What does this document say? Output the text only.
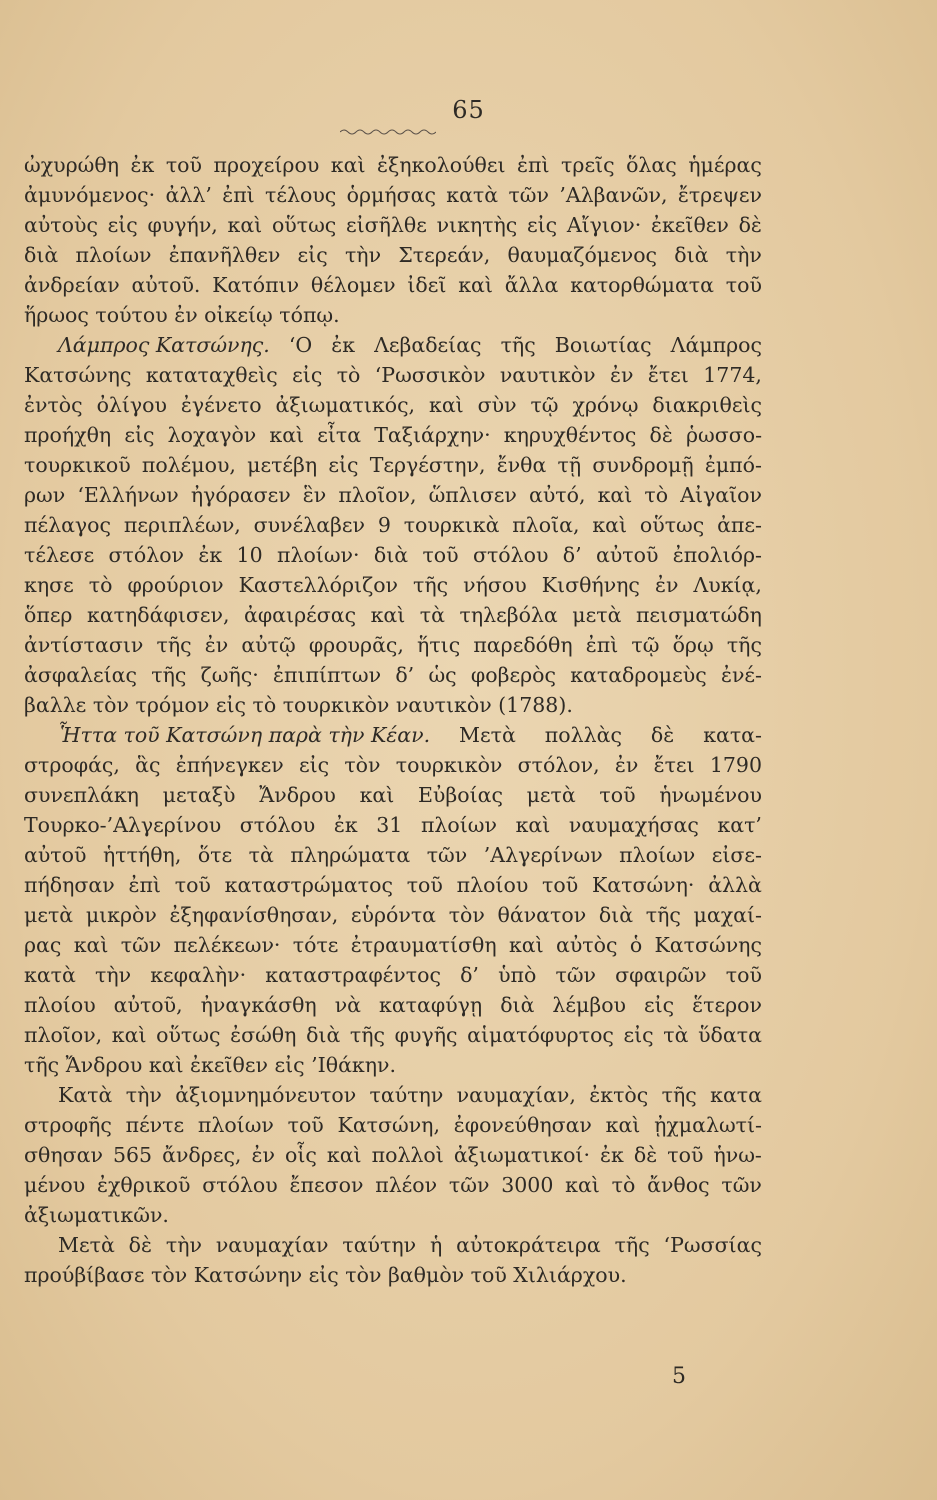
65
ὠχυρώθη ἐκ τοῦ προχείρου καὶ ἐξηκολούθει ἐπὶ τρεῖς ὅλας ἡμέρας
ἀμυνόμενος· ἀλλ’ ἐπὶ τέλους ὁρμήσας κατὰ τῶν ’Αλβανῶν, ἔτρεψεν
αὐτοὺς εἰς φυγήν, καὶ οὕτως εἰσῆλθε νικητὴς εἰς Αἴγιον· ἐκεῖθεν δὲ
διὰ πλοίων ἐπανῆλθεν εἰς τὴν Στερεάν, θαυμαζόμενος διὰ τὴν
ἀνδρείαν αὐτοῦ. Κατόπιν θέλομεν ἰδεῖ καὶ ἄλλα κατορθώματα τοῦ
ἥρωος τούτου ἐν οἰκείῳ τόπῳ.
Λάμπρος Κατσώνης. ‘Ο ἐκ Λεβαδείας τῆς Βοιωτίας Λάμπρος
Κατσώνης καταταχθεὶς εἰς τὸ ‘Ρωσσικὸν ναυτικὸν ἐν ἔτει 1774,
ἐντὸς ὀλίγου ἐγένετο ἀξιωματικός, καὶ σὺν τῷ χρόνῳ διακριθεὶς
προήχθη εἰς λοχαγὸν καὶ εἶτα Ταξιάρχην· κηρυχθέντος δὲ ῥωσσο-
τουρκικοῦ πολέμου, μετέβη εἰς Τεργέστην, ἔνθα τῇ συνδρομῇ ἐμπό-
ρων ‘Ελλήνων ἠγόρασεν ἓν πλοῖον, ὥπλισεν αὐτό, καὶ τὸ Αἰγαῖον
πέλαγος περιπλέων, συνέλαβεν 9 τουρκικὰ πλοῖα, καὶ οὕτως ἀπε-
τέλεσε στόλον ἐκ 10 πλοίων· διὰ τοῦ στόλου δ’ αὐτοῦ ἐπολιόρ-
κησε τὸ φρούριον Καστελλόριζον τῆς νήσου Κισθήνης ἐν Λυκίᾳ,
ὅπερ κατηδάφισεν, ἀφαιρέσας καὶ τὰ τηλεβόλα μετὰ πεισματώδη
ἀντίστασιν τῆς ἐν αὐτῷ φρουρᾶς, ἥτις παρεδόθη ἐπὶ τῷ ὅρῳ τῆς
ἀσφαλείας τῆς ζωῆς· ἐπιπίπτων δ’ ὡς φοβερὸς καταδρομεὺς ἐνέ-
βαλλε τὸν τρόμον εἰς τὸ τουρκικὸν ναυτικὸν (1788).
Ἧττα τοῦ Κατσώνη παρὰ τὴν Κέαν. Μετὰ πολλὰς δὲ κατα-
στροφάς, ἃς ἐπήνεγκεν εἰς τὸν τουρκικὸν στόλον, ἐν ἔτει 1790
συνεπλάκη μεταξὺ Ἄνδρου καὶ Εὐβοίας μετὰ τοῦ ἡνωμένου
Τουρκο-’Αλγερίνου στόλου ἐκ 31 πλοίων καὶ ναυμαχήσας κατ’
αὐτοῦ ἡττήθη, ὅτε τὰ πληρώματα τῶν ’Αλγερίνων πλοίων εἰσε-
πήδησαν ἐπὶ τοῦ καταστρώματος τοῦ πλοίου τοῦ Κατσώνη· ἀλλὰ
μετὰ μικρὸν ἐξηφανίσθησαν, εὑρόντα τὸν θάνατον διὰ τῆς μαχαί-
ρας καὶ τῶν πελέκεων· τότε ἐτραυματίσθη καὶ αὐτὸς ὁ Κατσώνης
κατὰ τὴν κεφαλὴν· καταστραφέντος δ’ ὑπὸ τῶν σφαιρῶν τοῦ
πλοίου αὐτοῦ, ἠναγκάσθη νὰ καταφύγῃ διὰ λέμβου εἰς ἕτερον
πλοῖον, καὶ οὕτως ἐσώθη διὰ τῆς φυγῆς αἱματόφυρτος εἰς τὰ ὕδατα
τῆς Ἄνδρου καὶ ἐκεῖθεν εἰς ’Ιθάκην.
Κατὰ τὴν ἀξιομνημόνευτον ταύτην ναυμαχίαν, ἐκτὸς τῆς κατα
στροφῆς πέντε πλοίων τοῦ Κατσώνη, ἐφονεύθησαν καὶ ᾐχμαλωτί-
σθησαν 565 ἄνδρες, ἐν οἷς καὶ πολλοὶ ἀξιωματικοί· ἐκ δὲ τοῦ ἡνω-
μένου ἐχθρικοῦ στόλου ἔπεσον πλέον τῶν 3000 καὶ τὸ ἄνθος τῶν
ἀξιωματικῶν.
Μετὰ δὲ τὴν ναυμαχίαν ταύτην ἡ αὐτοκράτειρα τῆς ‘Ρωσσίας
προύβίβασε τὸν Κατσώνην εἰς τὸν βαθμὸν τοῦ Χιλιάρχου.
5
